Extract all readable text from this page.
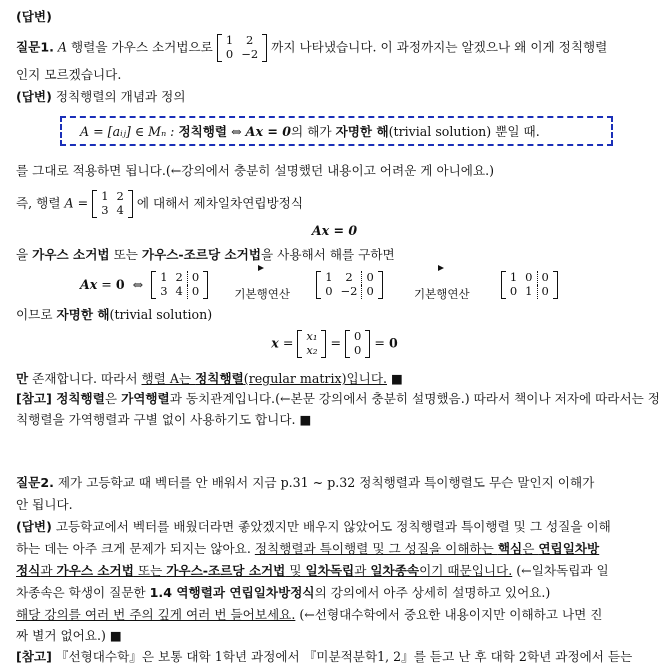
(답변)
질문1. A 행렬을 가우스 소거법으로 1	2
0	−2 까지 나타냈습니다. 이 과정까지는 알겠으나 왜 이게 정칙행렬
인지 모르겠습니다.
(답변) 정칙행렬의 개념과 정의
A = [aᵢⱼ] ∈ Mₙ : 정칙행렬 ⇔ Ax = 0의 해가 자명한 해(trivial solution) 뿐일 때.
를 그대로 적용하면 됩니다.(←강의에서 충분히 설명했던 내용이고 어려운 게 아니에요.)
즉, 행렬 A = 1	2
3	4 에 대해서 제차일차연립방정식
Ax = 0
을 가우스 소거법 또는 가우스-조르당 소거법을 사용해서 해를 구하면
Ax = 0  ⇔ 1	2	0
3	4	0
	기본행연산

1	2	0
0	−2	0
	기본행연산

1	0	0
0	1	0
이므로 자명한 해(trivial solution)
x = x₁
x₂ = 0
0 = 0
만 존재합니다. 따라서 행렬 A는 정칙행렬(regular matrix)입니다. ■
[참고] 정칙행렬은 가역행렬과 동치관계입니다.(←본문 강의에서 충분히 설명했음.) 따라서 책이나 저자에 따라서는 정
칙행렬을 가역행렬과 구별 없이 사용하기도 합니다. ■
질문2. 제가 고등학교 때 벡터를 안 배워서 지금 p.31 ~ p.32 정칙행렬과 특이행렬도 무슨 말인지 이해가
안 됩니다.
(답변) 고등학교에서 벡터를 배웠더라면 좋았겠지만 배우지 않았어도 정칙행렬과 특이행렬 및 그 성질을 이해
하는 데는 아주 크게 문제가 되지는 않아요. 정칙행렬과 특이행렬 및 그 성질을 이해하는 핵심은 연립일차방
정식과 가우스 소거법 또는 가우스-조르당 소거법 및 일차독립과 일차종속이기 때문입니다. (←일차독립과 일
차종속은 학생이 질문한 1.4 역행렬과 연립일차방정식의 강의에서 아주 상세히 설명하고 있어요.)
해당 강의를 여러 번 주의 깊게 여러 번 들어보세요. (←선형대수학에서 중요한 내용이지만 이해하고 나면 진
짜 별거 없어요.) ■
[참고] 『선형대수학』은 보통 대학 1학년 과정에서 『미분적분학1, 2』를 듣고 난 후 대학 2학년 과정에서 듣는
